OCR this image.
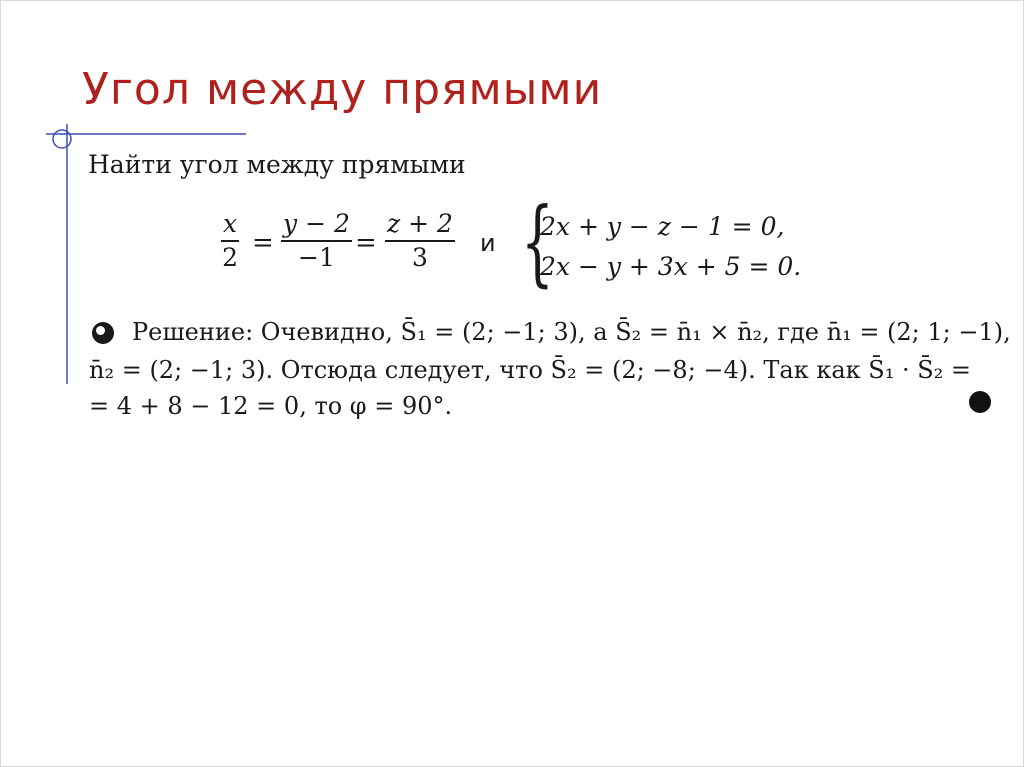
Угол между прямыми
Найти угол между прямыми
$\frac{x}{2} = \frac{y - 2}{-1} = \frac{z + 2}{3}$ и {
2x + y − z − 1 = 0,
2x − y + 3x + 5 = 0.
Решение: Очевидно, S̄₁ = (2; −1; 3), а S̄₂ = n̄₁ × n̄₂, где n̄₁ = (2; 1; −1),
n̄₂ = (2; −1; 3). Отсюда следует, что S̄₂ = (2; −8; −4). Так как S̄₁ · S̄₂ =
= 4 + 8 − 12 = 0, то φ = 90°.
